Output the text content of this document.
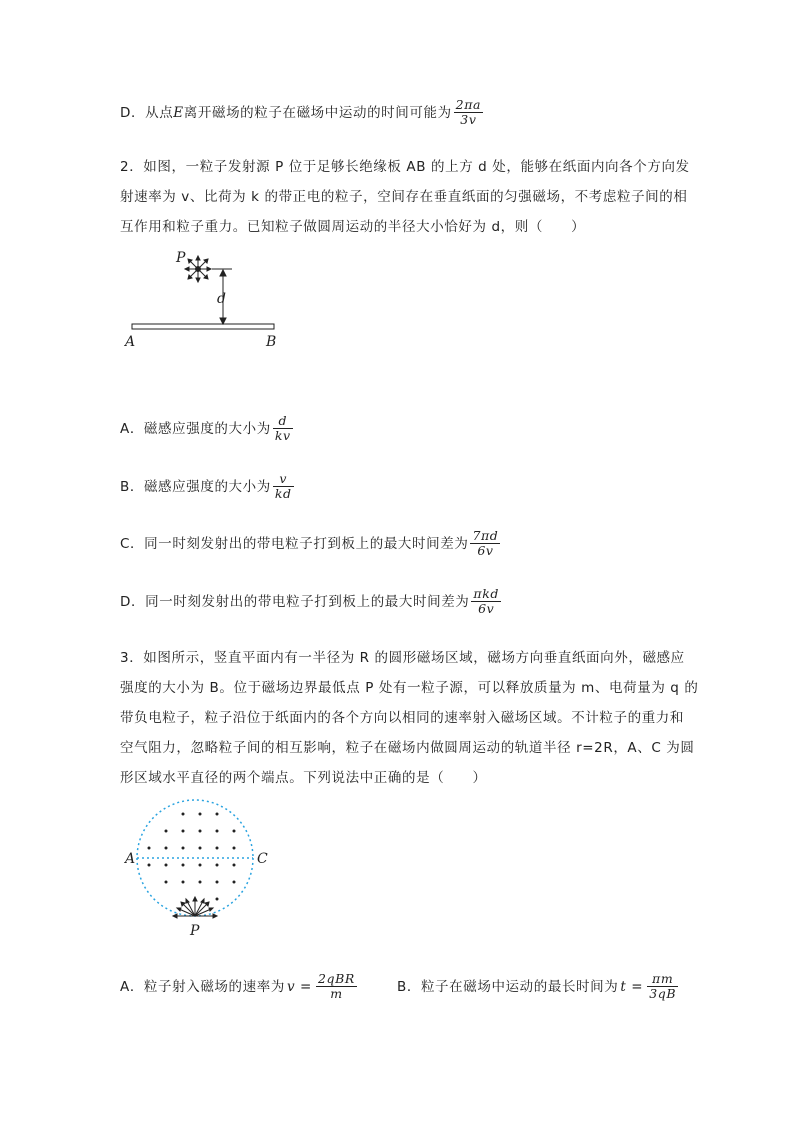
D．从点E离开磁场的粒子在磁场中运动的时间可能为 $\frac{2\pi a}{3v}$
2．如图，一粒子发射源 P 位于足够长绝缘板 AB 的上方 d 处，能够在纸面内向各个方向发
射速率为 v、比荷为 k 的带正电的粒子，空间存在垂直纸面的匀强磁场，不考虑粒子间的相
互作用和粒子重力。已知粒子做圆周运动的半径大小恰好为 d，则（　　）
P
d
A	B
A．磁感应强度的大小为 $\frac{d}{kv}$
B．磁感应强度的大小为 $\frac{v}{kd}$
C．同一时刻发射出的带电粒子打到板上的最大时间差为 $\frac{7\pi d}{6v}$
D．同一时刻发射出的带电粒子打到板上的最大时间差为 $\frac{\text{πkd}}{6v}$
3．如图所示，竖直平面内有一半径为 R 的圆形磁场区域，磁场方向垂直纸面向外，磁感应
强度的大小为 B。位于磁场边界最低点 P 处有一粒子源，可以释放质量为 m、电荷量为 q 的
带负电粒子，粒子沿位于纸面内的各个方向以相同的速率射入磁场区域。不计粒子的重力和
空气阻力，忽略粒子间的相互影响，粒子在磁场内做圆周运动的轨道半径 r=2R，A、C 为圆
形区域水平直径的两个端点。下列说法中正确的是（　　）
A	C
P
A．粒子射入磁场的速率为 $v = \frac{\text{2qBR}}{m}$	B．粒子在磁场中运动的最长时间为 $t = \frac{\pi m}{3qB}$
